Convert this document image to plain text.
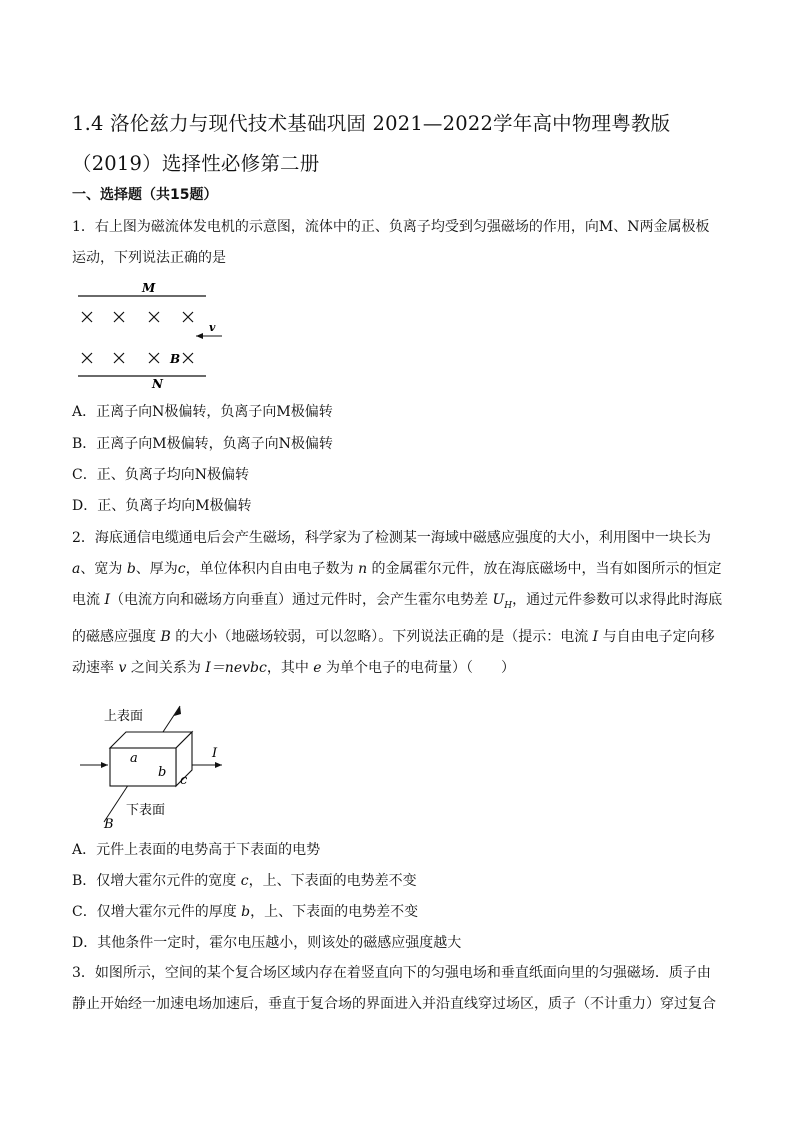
1.4 洛伦兹力与现代技术基础巩固 2021—2022学年高中物理粤教版
（2019）选择性必修第二册
一、选择题（共15题）
1．右上图为磁流体发电机的示意图，流体中的正、负离子均受到匀强磁场的作用，向M、N两金属极板
运动，下列说法正确的是
M
v
B
N
A．正离子向N极偏转，负离子向M极偏转
B．正离子向M极偏转，负离子向N极偏转
C．正、负离子均向N极偏转
D．正、负离子均向M极偏转
2．海底通信电缆通电后会产生磁场，科学家为了检测某一海域中磁感应强度的大小，利用图中一块长为
a、宽为 b、厚为c，单位体积内自由电子数为 n 的金属霍尔元件，放在海底磁场中，当有如图所示的恒定
电流 I（电流方向和磁场方向垂直）通过元件时，会产生霍尔电势差 $U_H$，通过元件参数可以求得此时海底
的磁感应强度 B 的大小（地磁场较弱，可以忽略）。下列说法正确的是（提示：电流 I 与自由电子定向移
动速率 v 之间关系为 I＝nevbc，其中 e 为单个电子的电荷量）（　　）
上表面
I
a
b
c
下表面
B
A．元件上表面的电势高于下表面的电势
B．仅增大霍尔元件的宽度 c，上、下表面的电势差不变
C．仅增大霍尔元件的厚度 b，上、下表面的电势差不变
D．其他条件一定时，霍尔电压越小，则该处的磁感应强度越大
3．如图所示，空间的某个复合场区域内存在着竖直向下的匀强电场和垂直纸面向里的匀强磁场．质子由
静止开始经一加速电场加速后，垂直于复合场的界面进入并沿直线穿过场区，质子（不计重力）穿过复合
